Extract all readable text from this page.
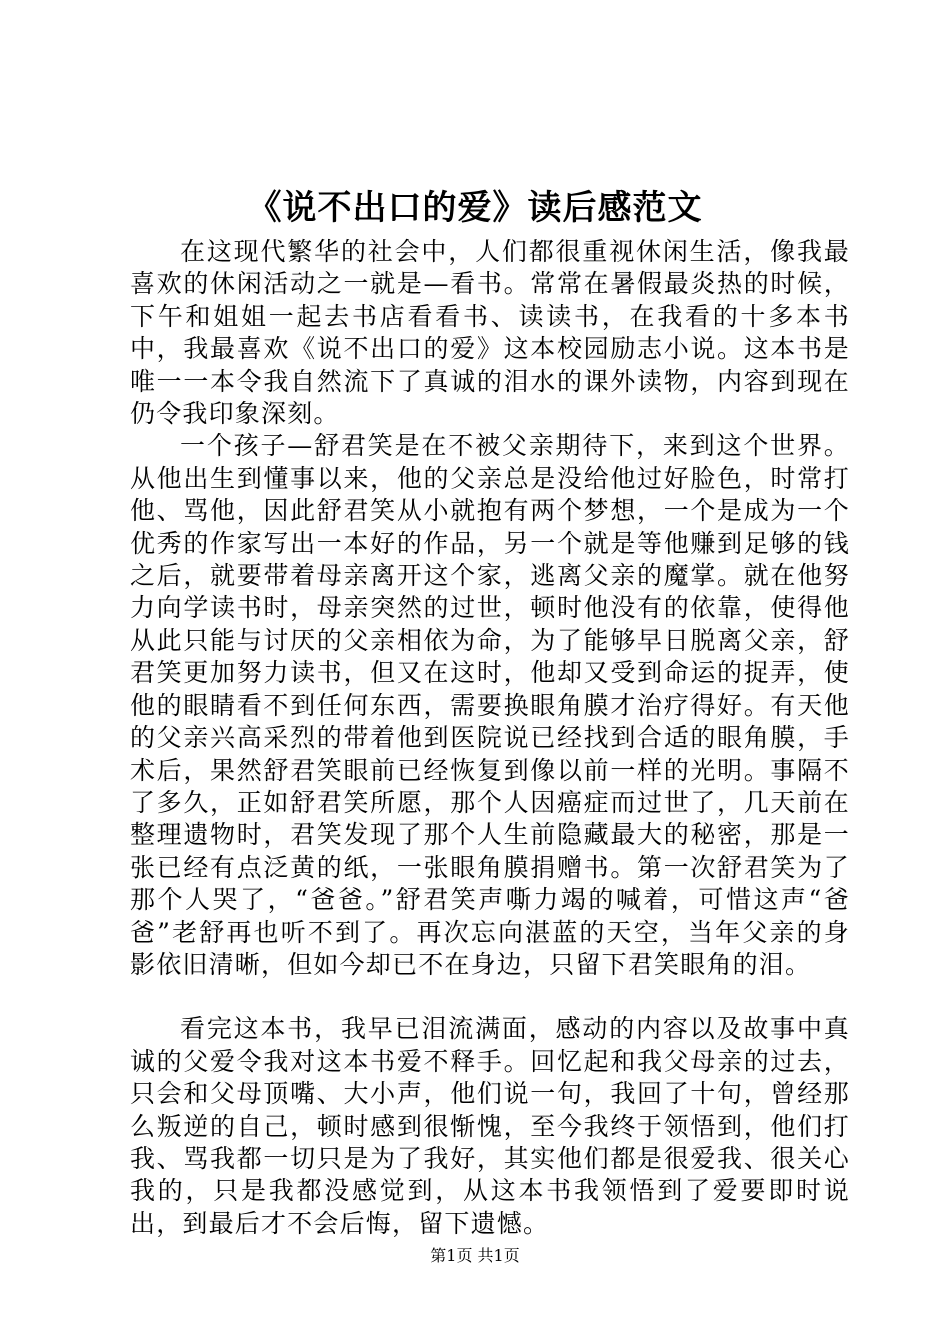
《说不出口的爱》读后感范文

在这现代繁华的社会中，人们都很重视休闲生活，像我最喜欢的休闲活动之一就是—看书。常常在暑假最炎热的时候，下午和姐姐一起去书店看看书、读读书，在我看的十多本书中，我最喜欢《说不出口的爱》这本校园励志小说。这本书是唯一一本令我自然流下了真诚的泪水的课外读物，内容到现在仍令我印象深刻。

一个孩子—舒君笑是在不被父亲期待下，来到这个世界。从他出生到懂事以来，他的父亲总是没给他过好脸色，时常打他、骂他，因此舒君笑从小就抱有两个梦想，一个是成为一个优秀的作家写出一本好的作品，另一个就是等他赚到足够的钱之后，就要带着母亲离开这个家，逃离父亲的魔掌。就在他努力向学读书时，母亲突然的过世，顿时他没有的依靠，使得他从此只能与讨厌的父亲相依为命，为了能够早日脱离父亲，舒君笑更加努力读书，但又在这时，他却又受到命运的捉弄，使他的眼睛看不到任何东西，需要换眼角膜才治疗得好。有天他的父亲兴高采烈的带着他到医院说已经找到合适的眼角膜，手术后，果然舒君笑眼前已经恢复到像以前一样的光明。事隔不了多久，正如舒君笑所愿，那个人因癌症而过世了，几天前在整理遗物时，君笑发现了那个人生前隐藏最大的秘密，那是一张已经有点泛黄的纸，一张眼角膜捐赠书。第一次舒君笑为了那个人哭了，“爸爸。”舒君笑声嘶力竭的喊着，可惜这声“爸爸”老舒再也听不到了。再次忘向湛蓝的天空，当年父亲的身影依旧清晰，但如今却已不在身边，只留下君笑眼角的泪。

看完这本书，我早已泪流满面，感动的内容以及故事中真诚的父爱令我对这本书爱不释手。回忆起和我父母亲的过去，只会和父母顶嘴、大小声，他们说一句，我回了十句，曾经那么叛逆的自己，顿时感到很惭愧，至今我终于领悟到，他们打我、骂我都一切只是为了我好，其实他们都是很爱我、很关心我的，只是我都没感觉到，从这本书我领悟到了爱要即时说出，到最后才不会后悔，留下遗憾。

第1页 共1页
